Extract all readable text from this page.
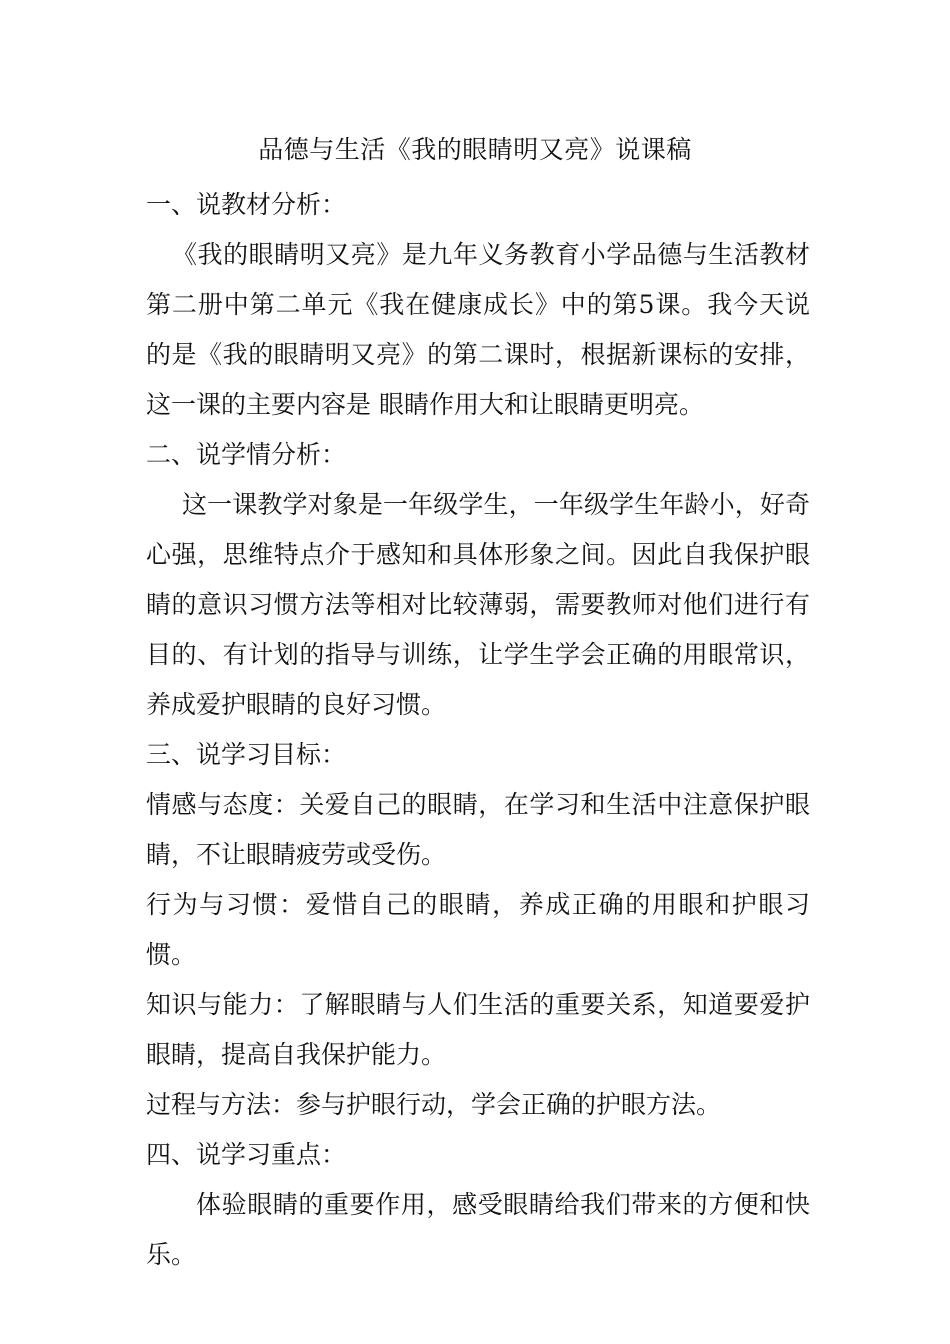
品德与生活《我的眼睛明又亮》说课稿

一、说教材分析：

《我的眼睛明又亮》是九年义务教育小学品德与生活教材第二册中第二单元《我在健康成长》中的第5课。我今天说的是《我的眼睛明又亮》的第二课时，根据新课标的安排，这一课的主要内容是 眼睛作用大和让眼睛更明亮。

二、说学情分析：

这一课教学对象是一年级学生，一年级学生年龄小，好奇心强，思维特点介于感知和具体形象之间。因此自我保护眼睛的意识习惯方法等相对比较薄弱，需要教师对他们进行有目的、有计划的指导与训练，让学生学会正确的用眼常识，养成爱护眼睛的良好习惯。

三、说学习目标：

情感与态度：关爱自己的眼睛，在学习和生活中注意保护眼睛，不让眼睛疲劳或受伤。

行为与习惯：爱惜自己的眼睛，养成正确的用眼和护眼习惯。

知识与能力：了解眼睛与人们生活的重要关系，知道要爱护眼睛，提高自我保护能力。

过程与方法：参与护眼行动，学会正确的护眼方法。

四、说学习重点：

体验眼睛的重要作用，感受眼睛给我们带来的方便和快乐。
